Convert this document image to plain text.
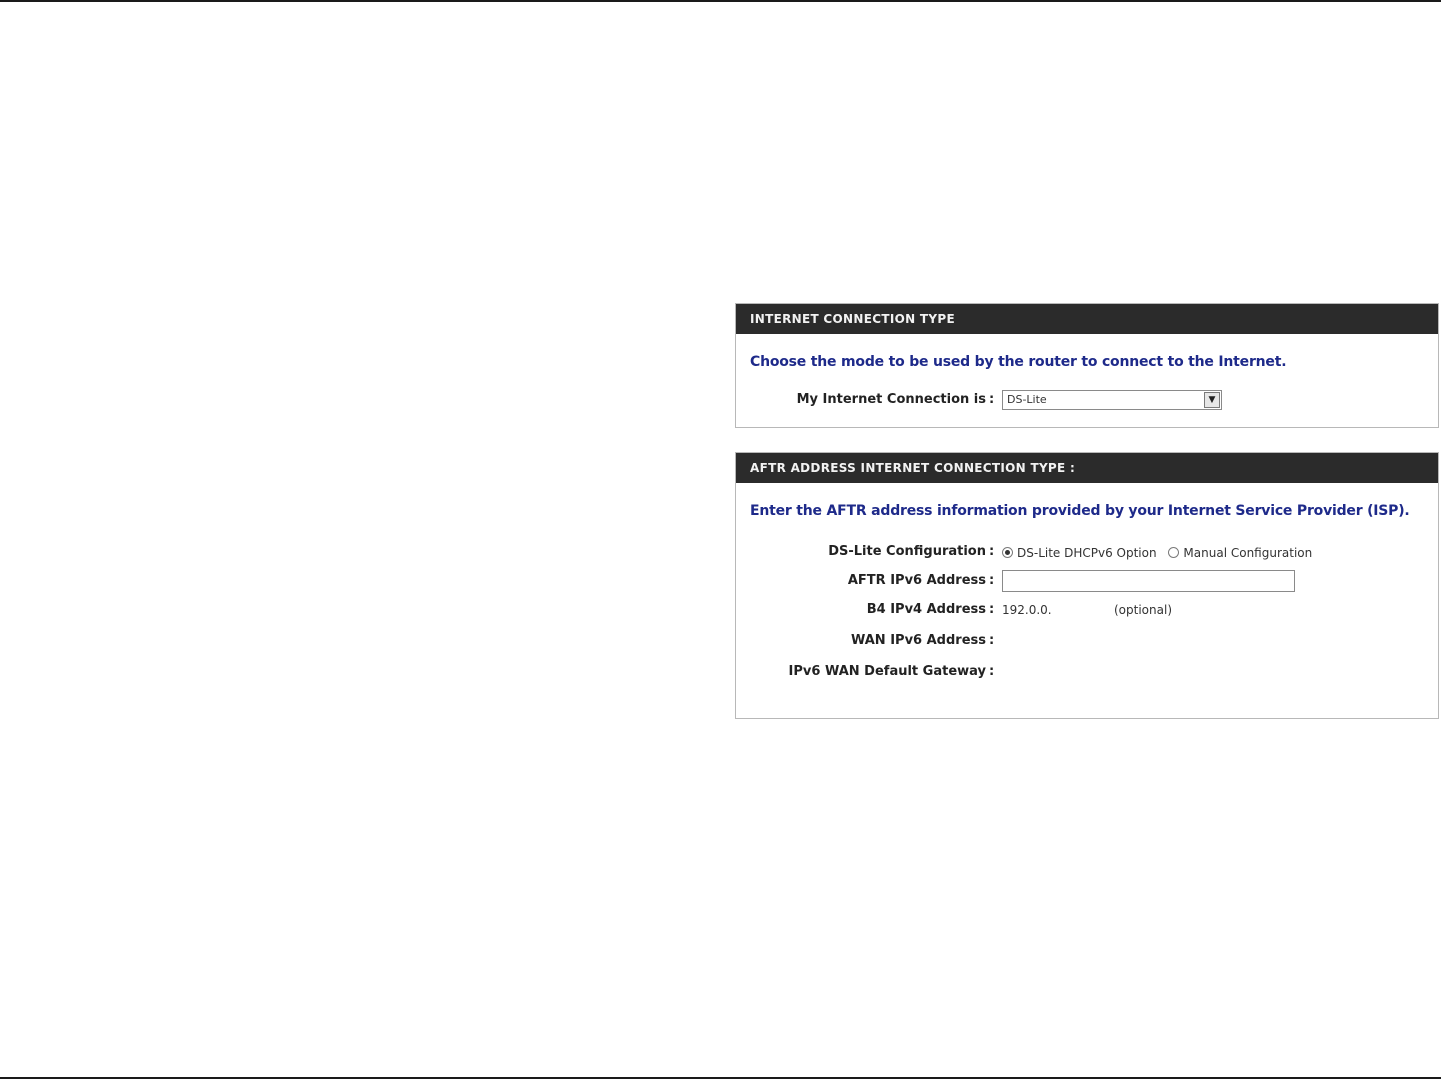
INTERNET CONNECTION TYPE
Choose the mode to be used by the router to connect to the Internet.
My Internet Connection is :	DS-Lite	▼
AFTR ADDRESS INTERNET CONNECTION TYPE :
Enter the AFTR address information provided by your Internet Service Provider (ISP).
DS-Lite Configuration :	DS-Lite DHCPv6 Option Manual Configuration
AFTR IPv6 Address :
B4 IPv4 Address : 192.0.0.	(optional)
WAN IPv6 Address :
IPv6 WAN Default Gateway :
